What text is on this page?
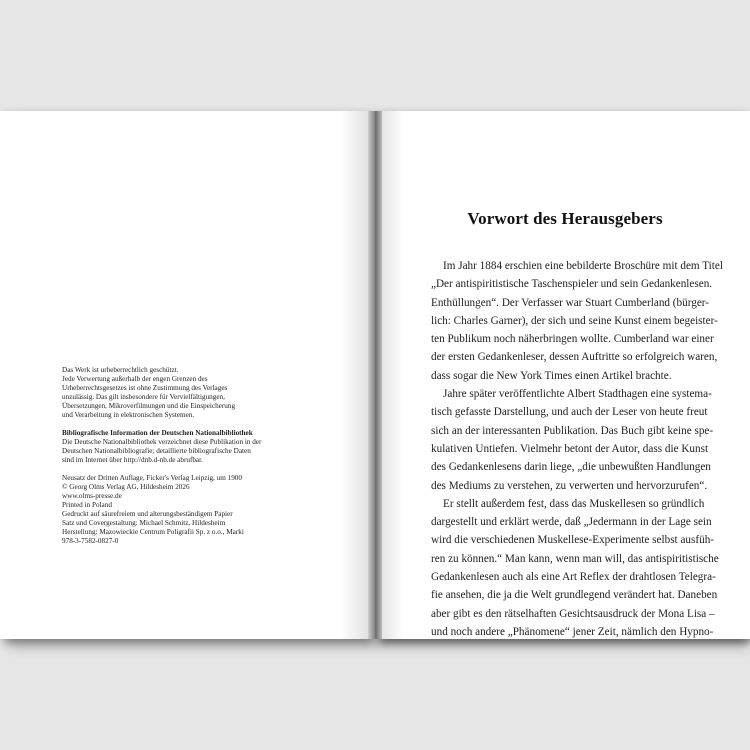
Das Werk ist urheberrechtlich geschützt.
Jede Verwertung außerhalb der engen Grenzen des
Urheberrechtsgesetzes ist ohne Zustimmung des Verlages
unzulässig. Das gilt insbesondere für Vervielfältigungen,
Übersetzungen, Mikroverfilmungen und die Einspeicherung
und Verarbeitung in elektronischen Systemen.
Bibliografische Information der Deutschen Nationalbibliothek
Die Deutsche Nationalbibliothek verzeichnet diese Publikation in der
Deutschen Nationalbibliografie; detaillierte bibliografische Daten
sind im Internet über http://dnb.d-nb.de abrufbar.
Neusatz der Dritten Auflage, Ficker's Verlag Leipzig, um 1900
© Georg Olms Verlag AG, Hildesheim 2026
www.olms-presse.de
Printed in Poland
Gedruckt auf säurefreiem und alterungsbeständigem Papier
Satz und Covergestaltung: Michael Schmitz, Hildesheim
Herstellung: Mazowieckie Centrum Poligrafii Sp. z o.o., Marki
978-3-7582-0827-0
Vorwort des Herausgebers
Im Jahr 1884 erschien eine bebilderte Broschüre mit dem Titel
„Der antispiritistische Taschenspieler und sein Gedankenlesen.
Enthüllungen“. Der Verfasser war Stuart Cumberland (bürger-
lich: Charles Garner), der sich und seine Kunst einem begeister-
ten Publikum noch näherbringen wollte. Cumberland war einer
der ersten Gedankenleser, dessen Auftritte so erfolgreich waren,
dass sogar die New York Times einen Artikel brachte.
Jahre später veröffentlichte Albert Stadthagen eine systema-
tisch gefasste Darstellung, und auch der Leser von heute freut
sich an der interessanten Publikation. Das Buch gibt keine spe-
kulativen Untiefen. Vielmehr betont der Autor, dass die Kunst
des Gedankenlesens darin liege, „die unbewußten Handlungen
des Mediums zu verstehen, zu verwerten und hervorzurufen“.
Er stellt außerdem fest, dass das Muskellesen so gründlich
dargestellt und erklärt werde, daß „Jedermann in der Lage sein
wird die verschiedenen Muskellese-Experimente selbst ausfüh-
ren zu können.“ Man kann, wenn man will, das antispiritistische
Gedankenlesen auch als eine Art Reflex der drahtlosen Telegra-
fie ansehen, die ja die Welt grundlegend verändert hat. Daneben
aber gibt es den rätselhaften Gesichtsausdruck der Mona Lisa –
und noch andere „Phänomene“ jener Zeit, nämlich den Hypno-
